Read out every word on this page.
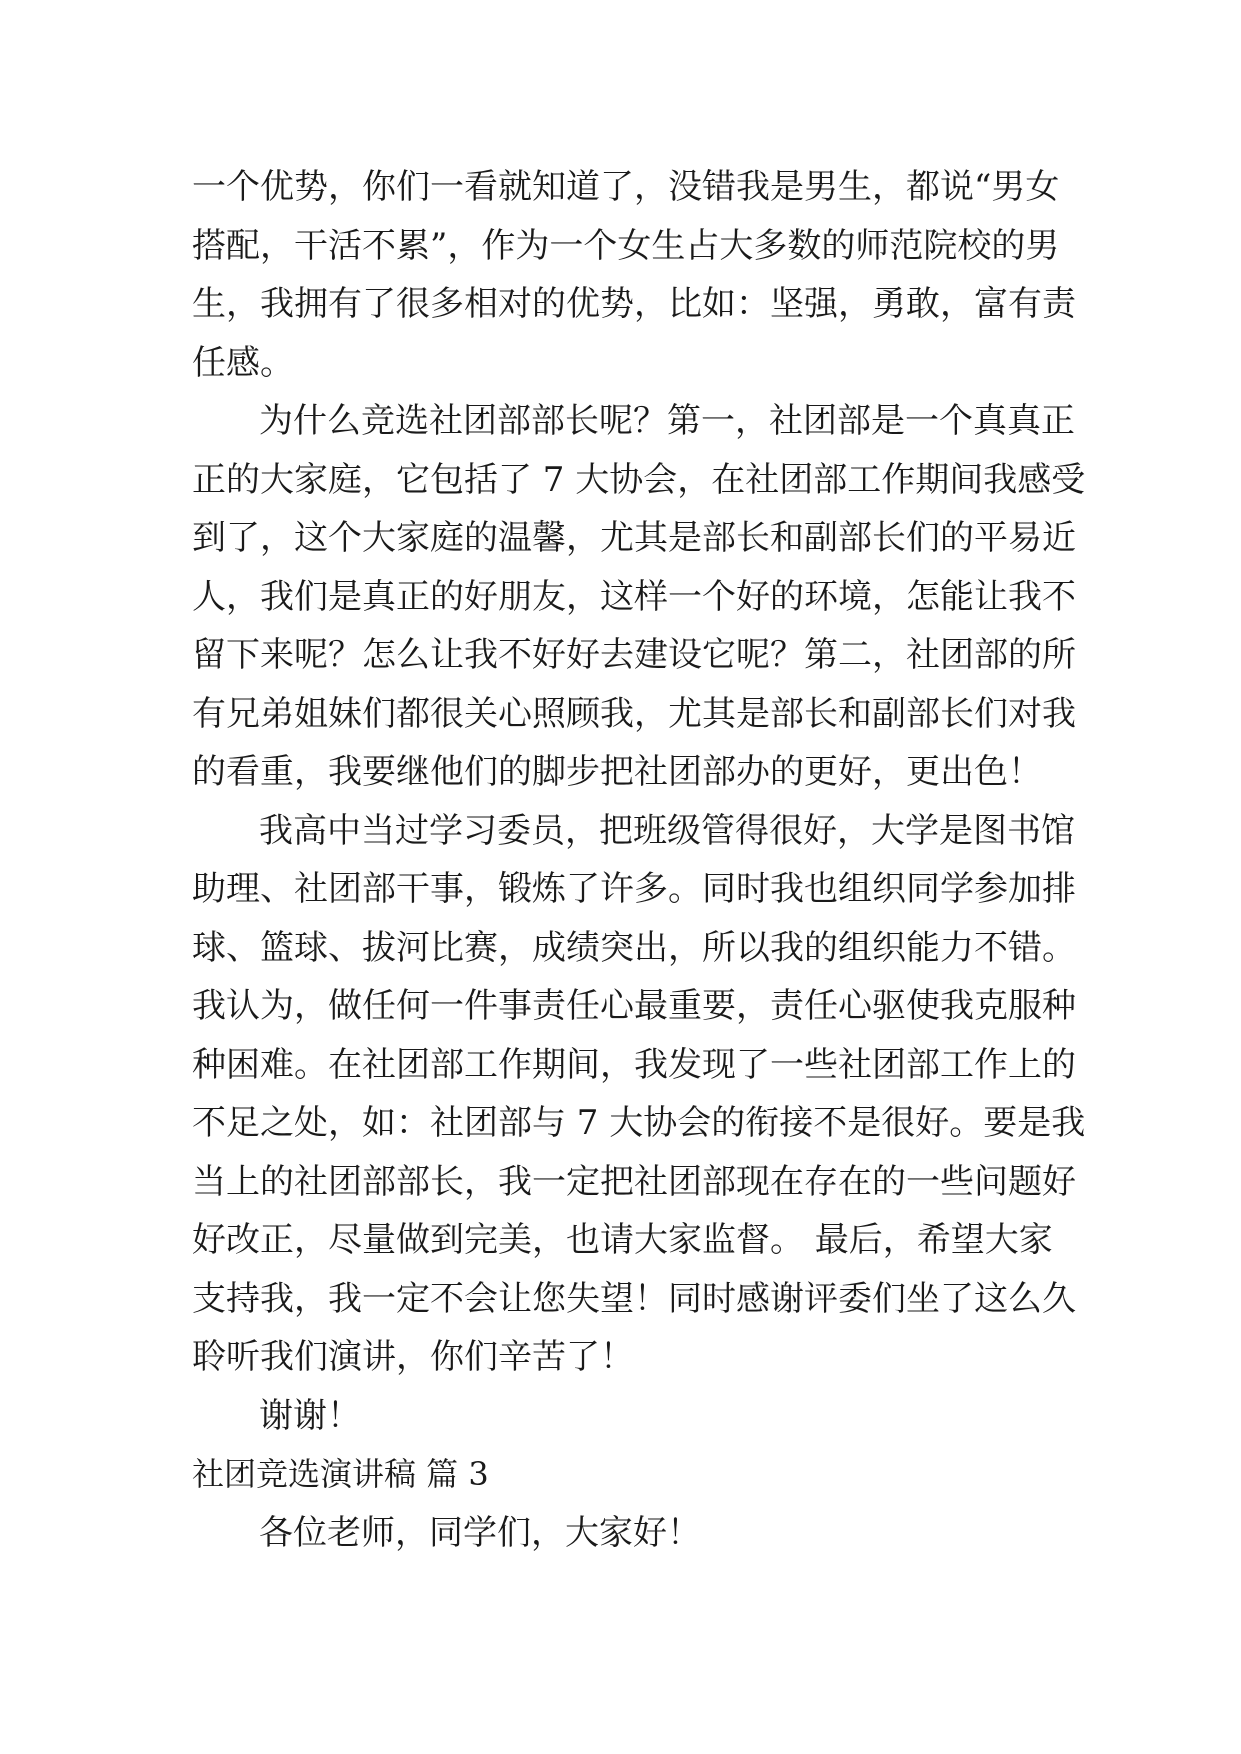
一个优势，你们一看就知道了，没错我是男生，都说“男女
搭配，干活不累”，作为一个女生占大多数的师范院校的男
生，我拥有了很多相对的优势，比如：坚强，勇敢，富有责
任感。
为什么竞选社团部部长呢？第一，社团部是一个真真正
正的大家庭，它包括了 7 大协会，在社团部工作期间我感受
到了，这个大家庭的温馨，尤其是部长和副部长们的平易近
人，我们是真正的好朋友，这样一个好的环境，怎能让我不
留下来呢？怎么让我不好好去建设它呢？第二，社团部的所
有兄弟姐妹们都很关心照顾我，尤其是部长和副部长们对我
的看重，我要继他们的脚步把社团部办的更好，更出色！
我高中当过学习委员，把班级管得很好，大学是图书馆
助理、社团部干事，锻炼了许多。同时我也组织同学参加排
球、篮球、拔河比赛，成绩突出，所以我的组织能力不错。
我认为，做任何一件事责任心最重要，责任心驱使我克服种
种困难。在社团部工作期间，我发现了一些社团部工作上的
不足之处，如：社团部与 7 大协会的衔接不是很好。要是我
当上的社团部部长，我一定把社团部现在存在的一些问题好
好改正，尽量做到完美，也请大家监督。 最后，希望大家
支持我，我一定不会让您失望！同时感谢评委们坐了这么久
聆听我们演讲，你们辛苦了！
谢谢！
社团竞选演讲稿 篇 3
各位老师，同学们，大家好！
